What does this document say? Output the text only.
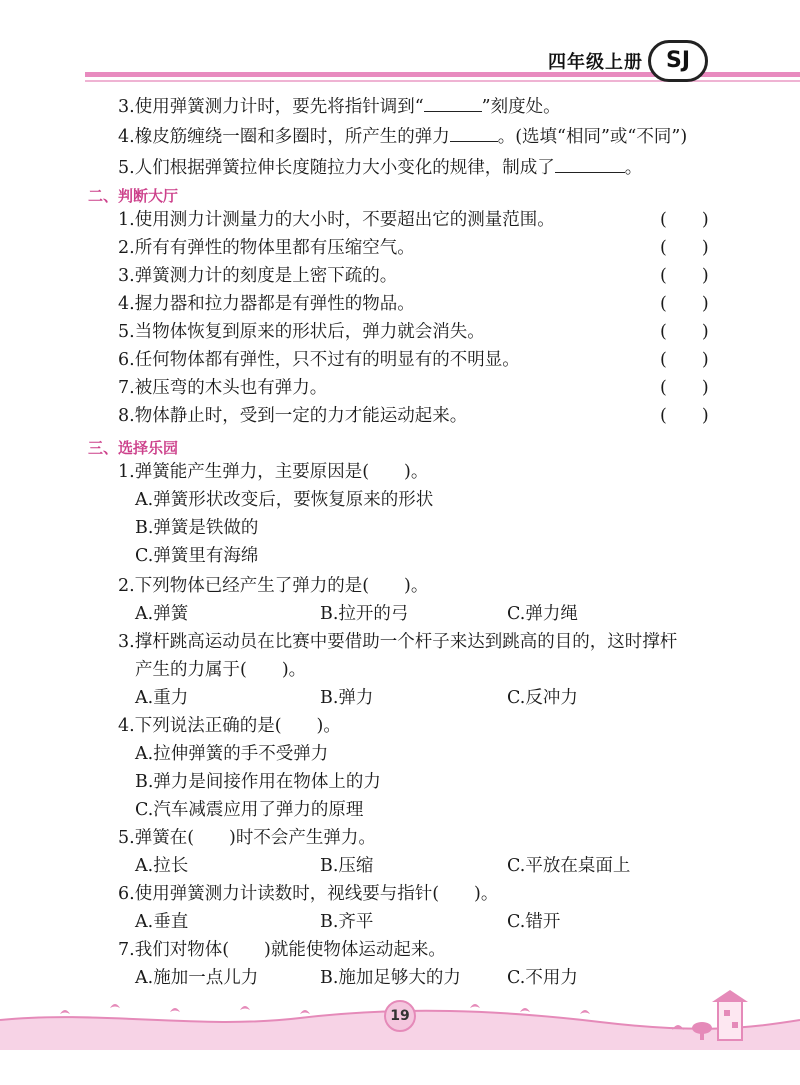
四年级上册	SJ
3.使用弹簧测力计时，要先将指针调到“	”刻度处。
4.橡皮筋缠绕一圈和多圈时，所产生的弹力	。(选填“相同”或“不同”)
5.人们根据弹簧拉伸长度随拉力大小变化的规律，制成了	。
二、判断大厅
1.使用测力计测量力的大小时，不要超出它的测量范围。	(　　)
2.所有有弹性的物体里都有压缩空气。	(　　)
3.弹簧测力计的刻度是上密下疏的。	(　　)
4.握力器和拉力器都是有弹性的物品。	(　　)
5.当物体恢复到原来的形状后，弹力就会消失。	(　　)
6.任何物体都有弹性，只不过有的明显有的不明显。	(　　)
7.被压弯的木头也有弹力。	(　　)
8.物体静止时，受到一定的力才能运动起来。	(　　)
三、选择乐园
1.弹簧能产生弹力，主要原因是(　　)。
A.弹簧形状改变后，要恢复原来的形状
B.弹簧是铁做的
C.弹簧里有海绵
2.下列物体已经产生了弹力的是(　　)。
A.弹簧	B.拉开的弓	C.弹力绳
3.撑杆跳高运动员在比赛中要借助一个杆子来达到跳高的目的，这时撑杆
产生的力属于(　　)。
A.重力	B.弹力	C.反冲力
4.下列说法正确的是(　　)。
A.拉伸弹簧的手不受弹力
B.弹力是间接作用在物体上的力
C.汽车减震应用了弹力的原理
5.弹簧在(　　)时不会产生弹力。
A.拉长	B.压缩	C.平放在桌面上
6.使用弹簧测力计读数时，视线要与指针(　　)。
A.垂直	B.齐平	C.错开
7.我们对物体(　　)就能使物体运动起来。
A.施加一点儿力	B.施加足够大的力	C.不用力
19
